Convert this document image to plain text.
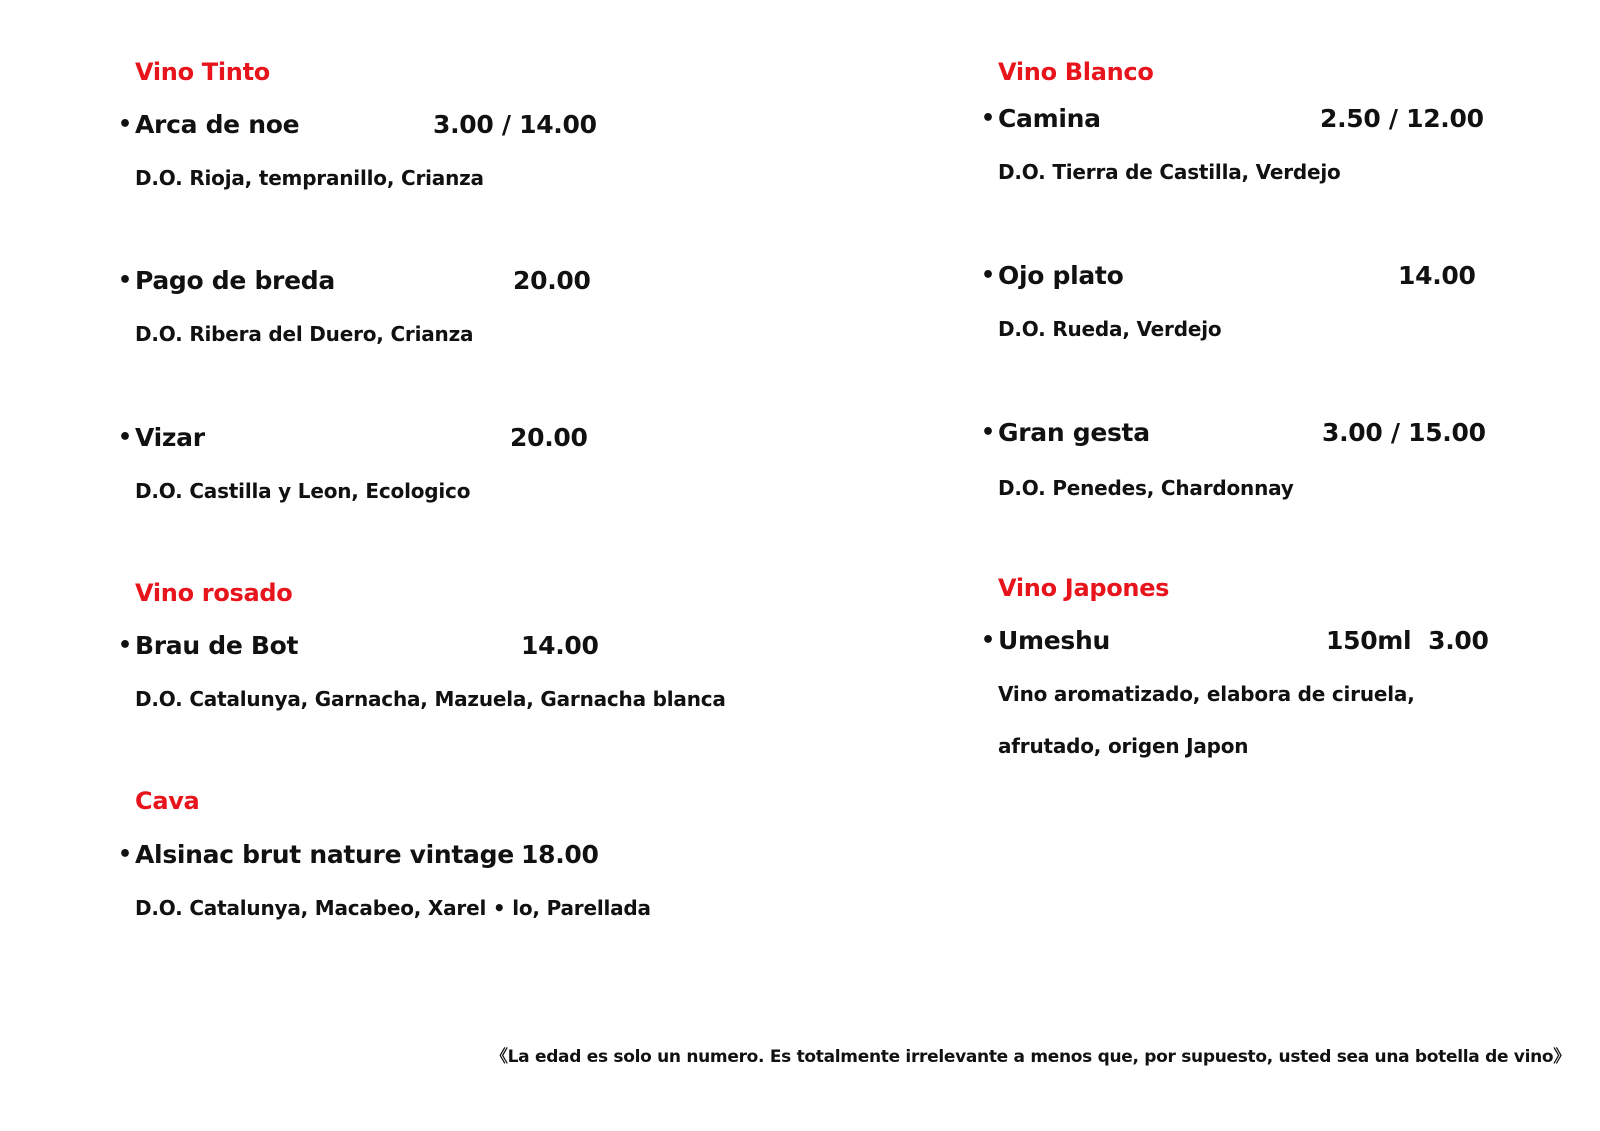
Vino Tinto
• Arca de noe	3.00 / 14.00
D.O. Rioja, tempranillo, Crianza
• Pago de breda	20.00
D.O. Ribera del Duero, Crianza
• Vizar	20.00
D.O. Castilla y Leon, Ecologico
Vino rosado
• Brau de Bot	14.00
D.O. Catalunya, Garnacha, Mazuela, Garnacha blanca
Cava
• Alsinac brut nature vintage 18.00
D.O. Catalunya, Macabeo, Xarel • lo, Parellada
Vino Blanco
• Camina	2.50 / 12.00
D.O. Tierra de Castilla, Verdejo
• Ojo plato	14.00
D.O. Rueda, Verdejo
• Gran gesta	3.00 / 15.00
D.O. Penedes, Chardonnay
Vino Japones
• Umeshu	150ml  3.00
Vino aromatizado, elabora de ciruela,
afrutado, origen Japon
《La edad es solo un numero. Es totalmente irrelevante a menos que, por supuesto, usted sea una botella de vino》
